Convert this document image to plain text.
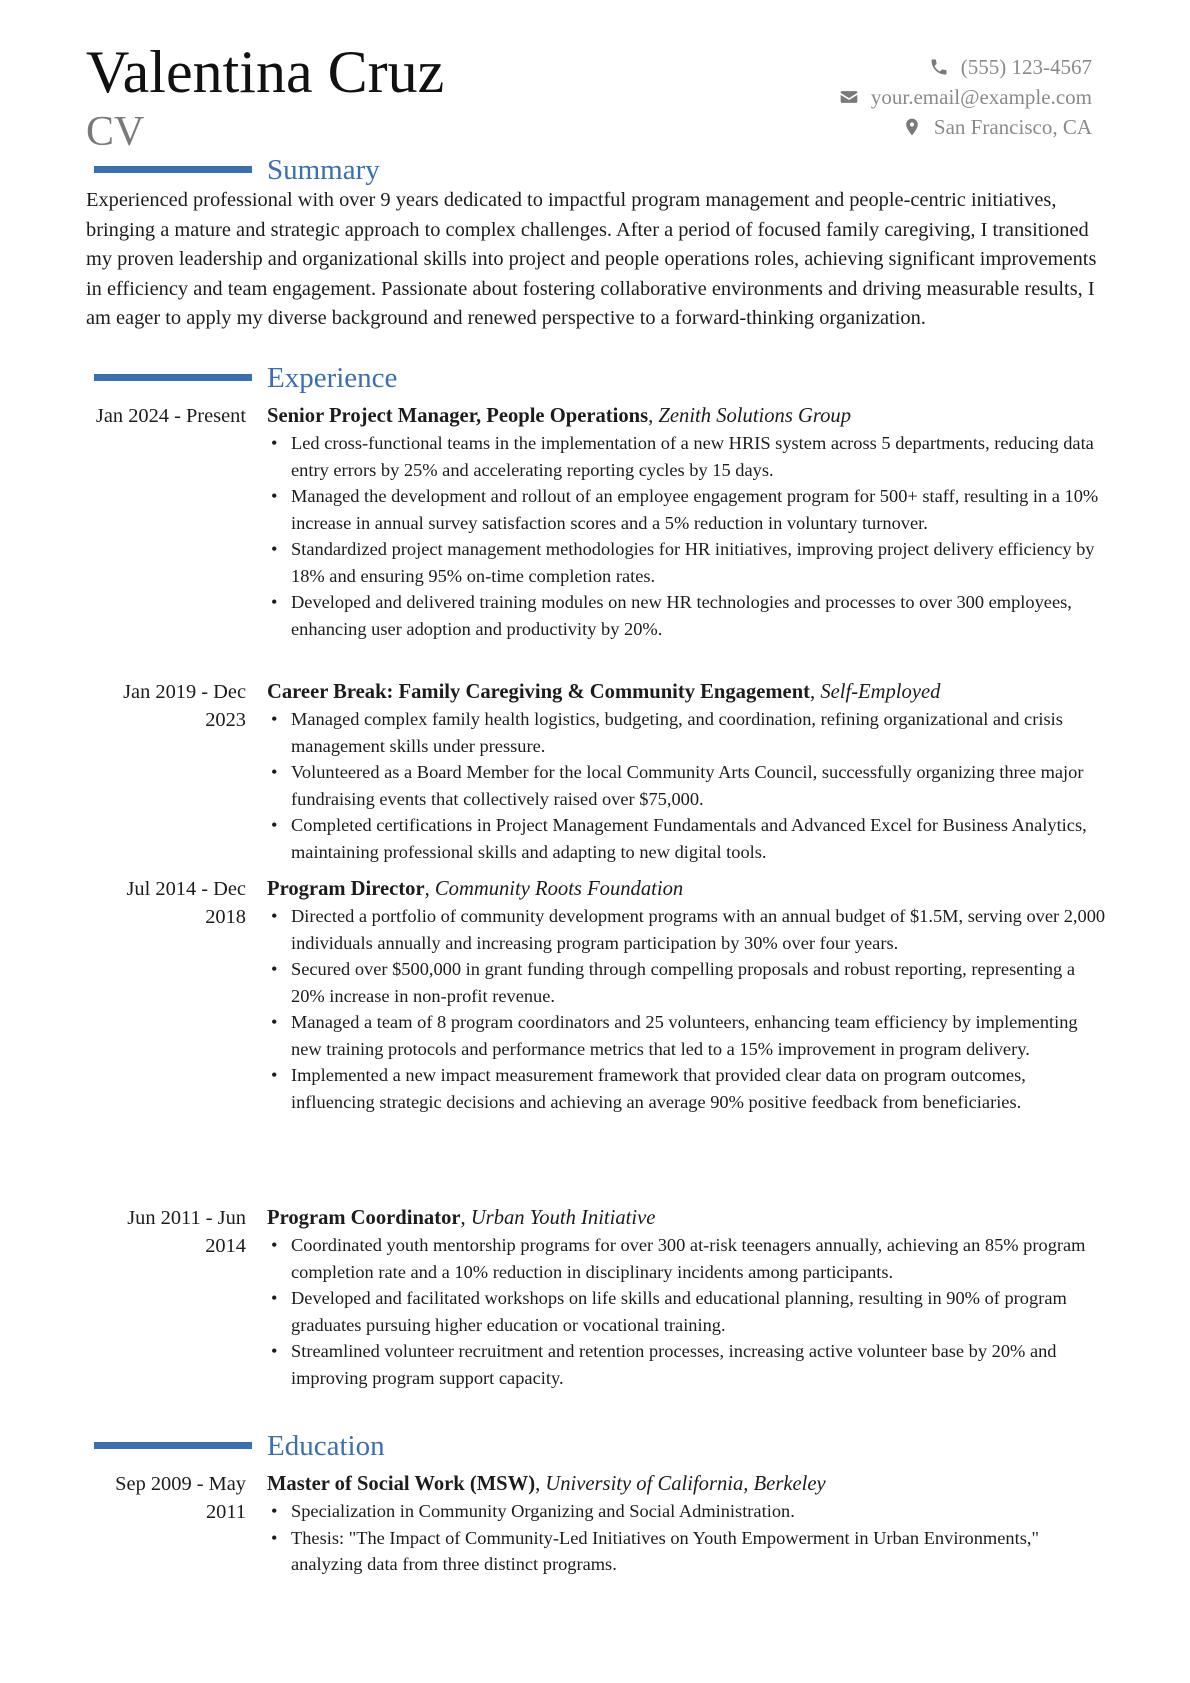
Valentina Cruz
CV
(555) 123-4567
your.email@example.com
San Francisco, CA
Summary
Experienced professional with over 9 years dedicated to impactful program management and people-centric initiatives, bringing a mature and strategic approach to complex challenges. After a period of focused family caregiving, I transitioned my proven leadership and organizational skills into project and people operations roles, achieving significant improvements in efficiency and team engagement. Passionate about fostering collaborative environments and driving measurable results, I am eager to apply my diverse background and renewed perspective to a forward-thinking organization.
Experience
Jan 2024 - Present Senior Project Manager, People Operations, Zenith Solutions Group
• Led cross-functional teams in the implementation of a new HRIS system across 5 departments, reducing data entry errors by 25% and accelerating reporting cycles by 15 days.
• Managed the development and rollout of an employee engagement program for 500+ staff, resulting in a 10% increase in annual survey satisfaction scores and a 5% reduction in voluntary turnover.
• Standardized project management methodologies for HR initiatives, improving project delivery efficiency by 18% and ensuring 95% on-time completion rates.
• Developed and delivered training modules on new HR technologies and processes to over 300 employees, enhancing user adoption and productivity by 20%.
Jan 2019 - Dec 2023
Career Break: Family Caregiving & Community Engagement, Self-Employed
• Managed complex family health logistics, budgeting, and coordination, refining organizational and crisis management skills under pressure.
• Volunteered as a Board Member for the local Community Arts Council, successfully organizing three major fundraising events that collectively raised over $75,000.
• Completed certifications in Project Management Fundamentals and Advanced Excel for Business Analytics, maintaining professional skills and adapting to new digital tools.
Jul 2014 - Dec 2018
Program Director, Community Roots Foundation
• Directed a portfolio of community development programs with an annual budget of $1.5M, serving over 2,000 individuals annually and increasing program participation by 30% over four years.
• Secured over $500,000 in grant funding through compelling proposals and robust reporting, representing a 20% increase in non-profit revenue.
• Managed a team of 8 program coordinators and 25 volunteers, enhancing team efficiency by implementing new training protocols and performance metrics that led to a 15% improvement in program delivery.
• Implemented a new impact measurement framework that provided clear data on program outcomes, influencing strategic decisions and achieving an average 90% positive feedback from beneficiaries.
Jun 2011 - Jun 2014
Program Coordinator, Urban Youth Initiative
• Coordinated youth mentorship programs for over 300 at-risk teenagers annually, achieving an 85% program completion rate and a 10% reduction in disciplinary incidents among participants.
• Developed and facilitated workshops on life skills and educational planning, resulting in 90% of program graduates pursuing higher education or vocational training.
• Streamlined volunteer recruitment and retention processes, increasing active volunteer base by 20% and improving program support capacity.
Education
Sep 2009 - May 2011
Master of Social Work (MSW), University of California, Berkeley
• Specialization in Community Organizing and Social Administration.
• Thesis: "The Impact of Community-Led Initiatives on Youth Empowerment in Urban Environments," analyzing data from three distinct programs.
